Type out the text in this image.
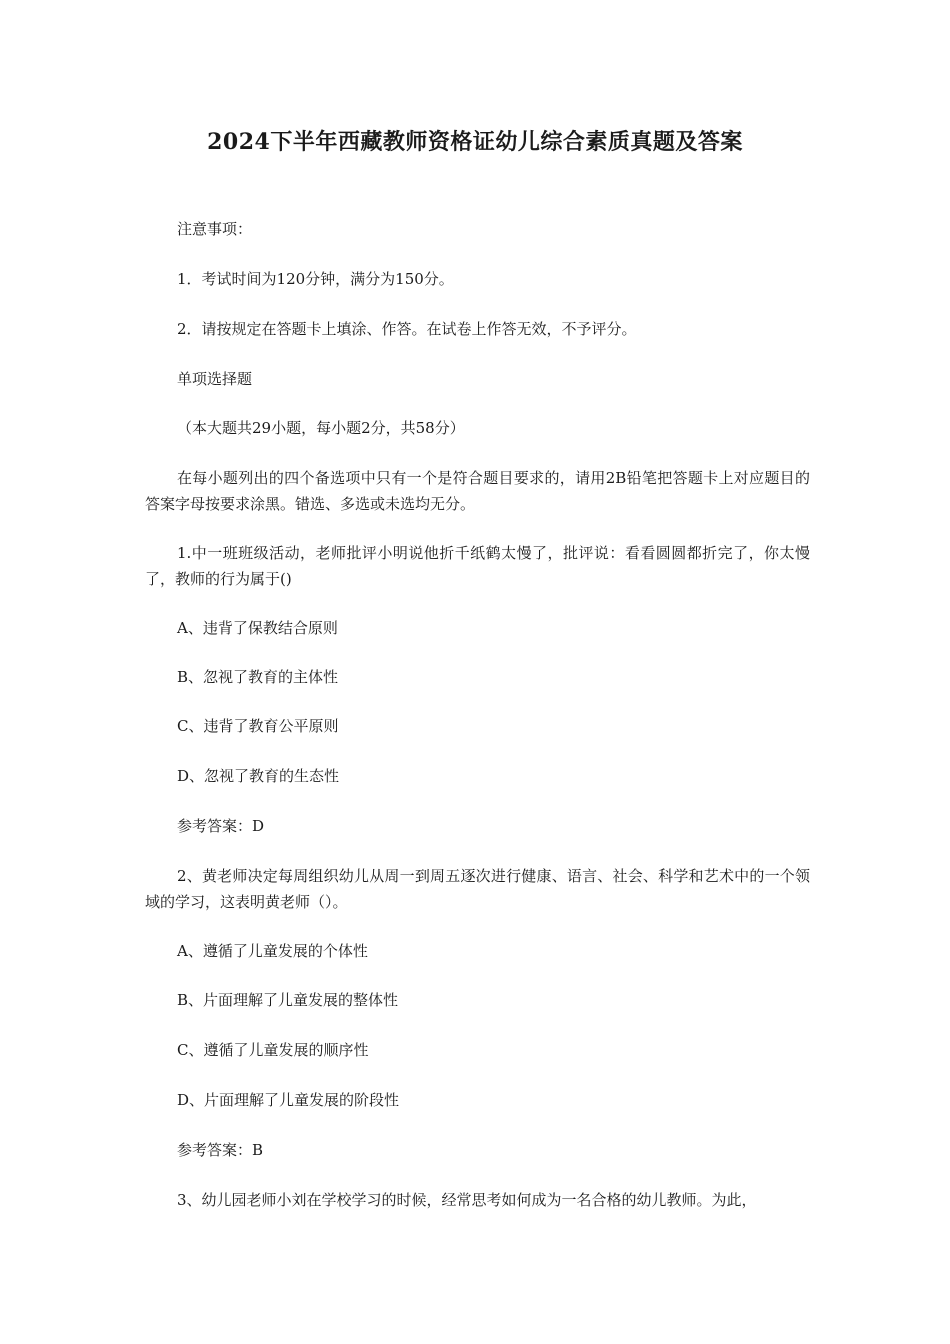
2024下半年西藏教师资格证幼儿综合素质真题及答案
注意事项：
1．考试时间为120分钟，满分为150分。
2．请按规定在答题卡上填涂、作答。在试卷上作答无效，不予评分。
单项选择题
（本大题共29小题，每小题2分，共58分）
在每小题列出的四个备选项中只有一个是符合题目要求的，请用2B铅笔把答题卡上对应题目的答案字母按要求涂黑。错选、多选或未选均无分。
1.中一班班级活动，老师批评小明说他折千纸鹤太慢了，批评说：看看圆圆都折完了，你太慢了，教师的行为属于()
A、违背了保教结合原则
B、忽视了教育的主体性
C、违背了教育公平原则
D、忽视了教育的生态性
参考答案：D
2、黄老师决定每周组织幼儿从周一到周五逐次进行健康、语言、社会、科学和艺术中的一个领域的学习，这表明黄老师（）。
A、遵循了儿童发展的个体性
B、片面理解了儿童发展的整体性
C、遵循了儿童发展的顺序性
D、片面理解了儿童发展的阶段性
参考答案：B
3、幼儿园老师小刘在学校学习的时候，经常思考如何成为一名合格的幼儿教师。为此，
